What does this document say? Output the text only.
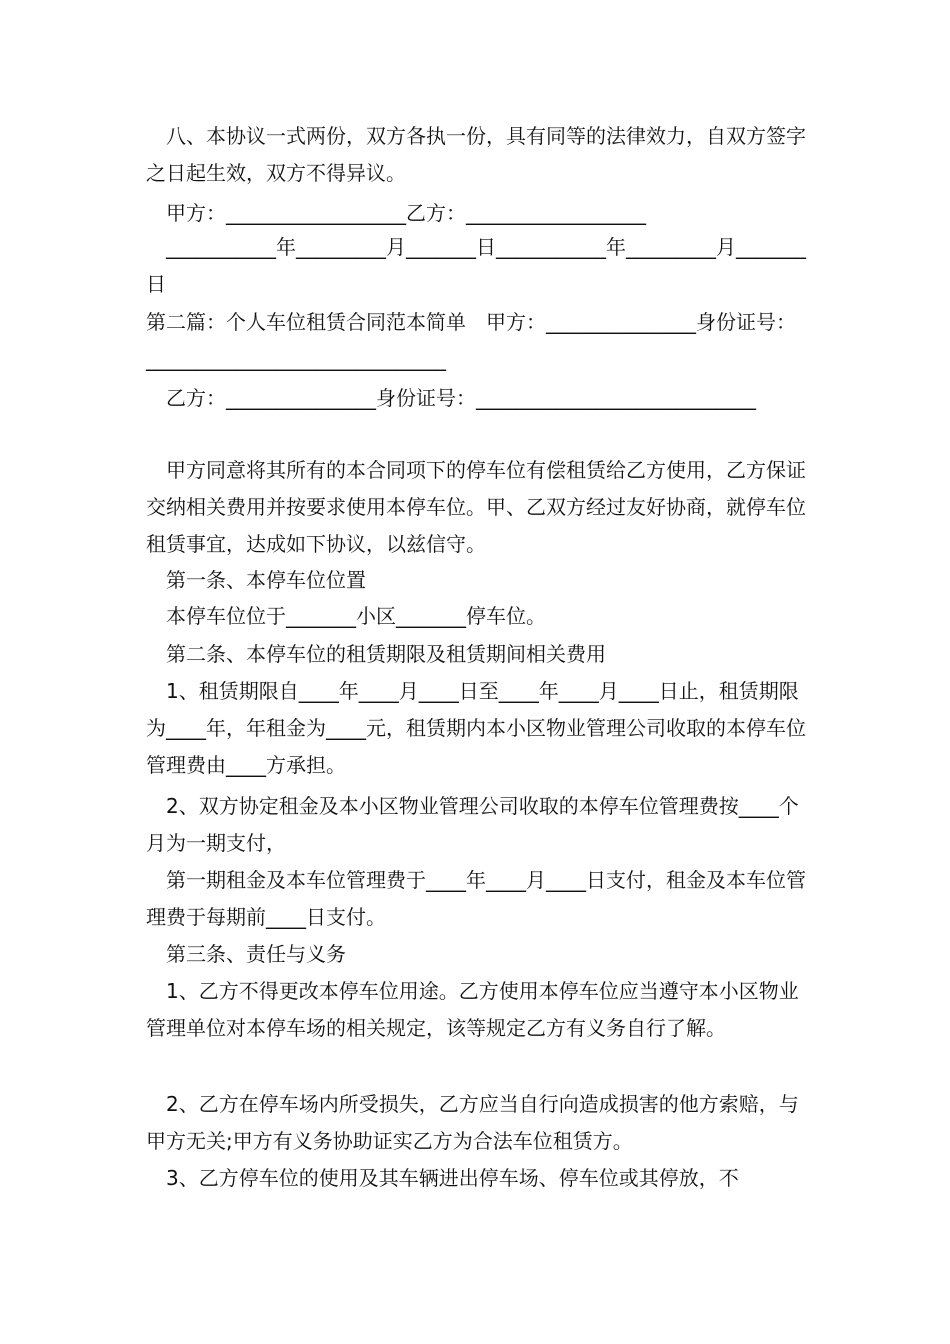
　八、本协议一式两份，双方各执一份，具有同等的法律效力，自双方签字之日起生效，双方不得异议。

　甲方：__________________乙方：__________________

　___________年_________月_______日___________年_________月_______日

第二篇：个人车位租赁合同范本简单　甲方：_______________身份证号：______________________________

　乙方：_______________身份证号：____________________________

　甲方同意将其所有的本合同项下的停车位有偿租赁给乙方使用，乙方保证交纳相关费用并按要求使用本停车位。甲、乙双方经过友好协商，就停车位租赁事宜，达成如下协议，以兹信守。

　第一条、本停车位位置

　本停车位位于_______小区_______停车位。

　第二条、本停车位的租赁期限及租赁期间相关费用

　1、租赁期限自____年____月____日至____年____月____日止，租赁期限为____年，年租金为____元，租赁期内本小区物业管理公司收取的本停车位管理费由____方承担。

　2、双方协定租金及本小区物业管理公司收取的本停车位管理费按____个月为一期支付，

　第一期租金及本车位管理费于____年____月____日支付，租金及本车位管理费于每期前____日支付。

　第三条、责任与义务

　1、乙方不得更改本停车位用途。乙方使用本停车位应当遵守本小区物业管理单位对本停车场的相关规定，该等规定乙方有义务自行了解。

　2、乙方在停车场内所受损失，乙方应当自行向造成损害的他方索赔，与甲方无关;甲方有义务协助证实乙方为合法车位租赁方。

　3、乙方停车位的使用及其车辆进出停车场、停车位或其停放，不
